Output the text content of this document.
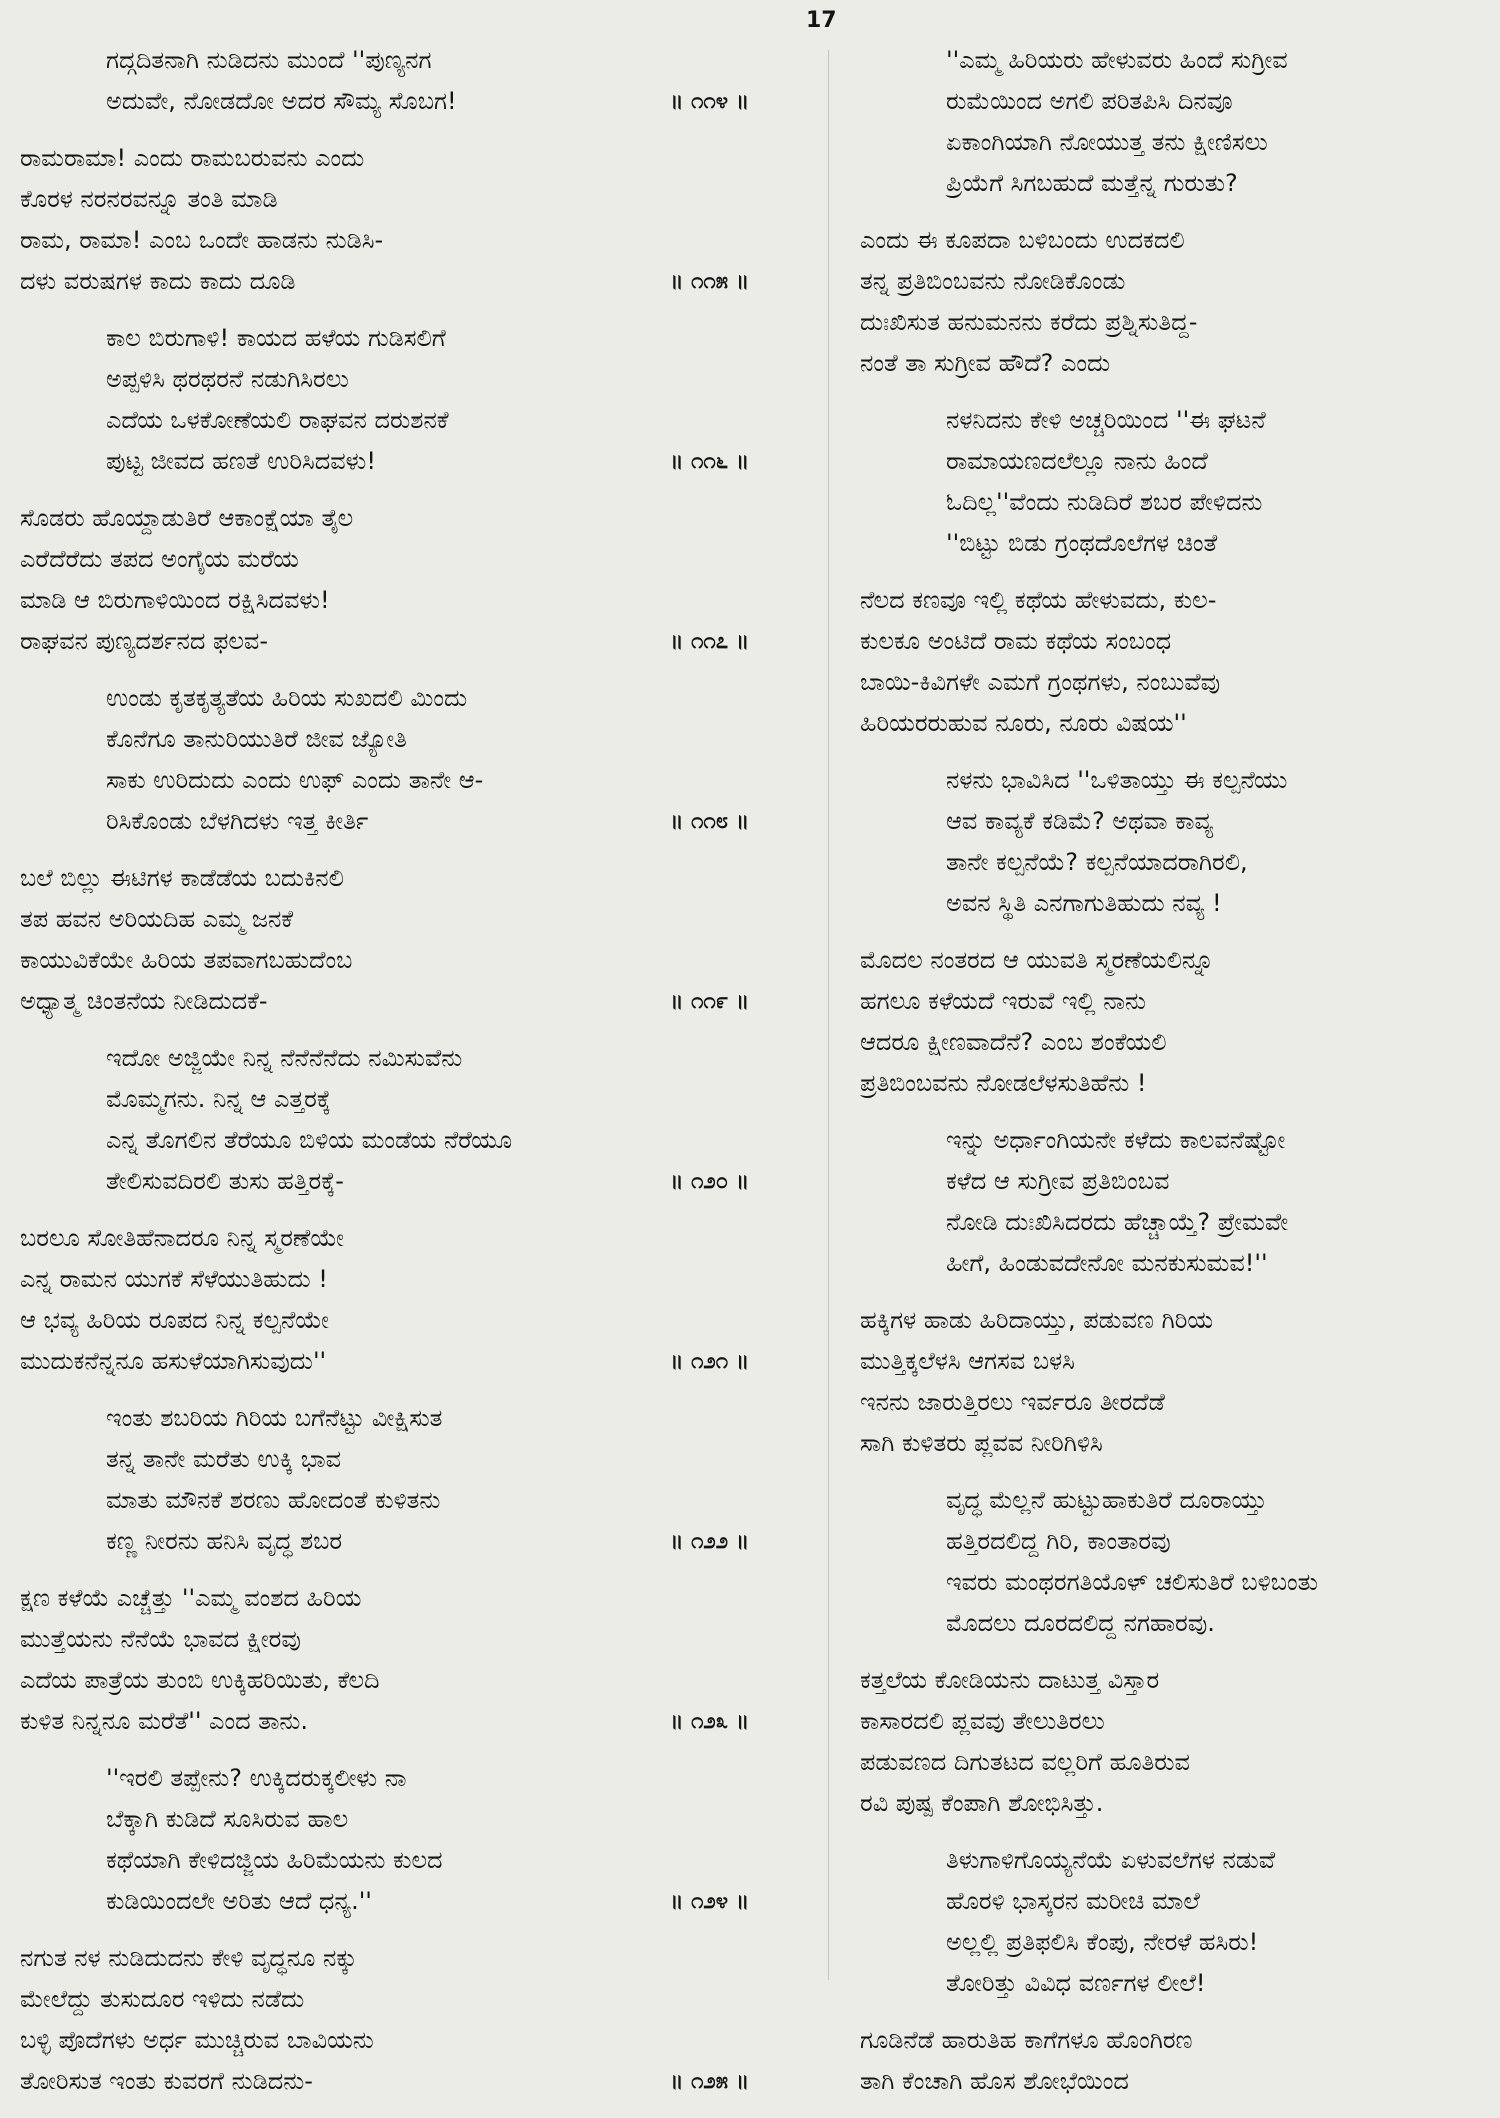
17
ಗದ್ಗದಿತನಾಗಿ ನುಡಿದನು ಮುಂದೆ ''ಪುಣ್ಯನಗ
ಅದುವೇ, ನೋಡದೋ ಅದರ ಸೌಮ್ಯ ಸೊಬಗ!	॥ ೧೧೪ ॥
ರಾಮರಾಮಾ! ಎಂದು ರಾಮಬರುವನು ಎಂದು
ಕೊರಳ ನರನರವನ್ನೂ ತಂತಿ ಮಾಡಿ
ರಾಮ, ರಾಮಾ! ಎಂಬ ಒಂದೇ ಹಾಡನು ನುಡಿಸಿ-
ದಳು ವರುಷಗಳ ಕಾದು ಕಾದು ದೂಡಿ	॥ ೧೧೫ ॥
ಕಾಲ ಬಿರುಗಾಳಿ! ಕಾಯದ ಹಳೆಯ ಗುಡಿಸಲಿಗೆ
ಅಪ್ಪಳಿಸಿ ಥರಥರನೆ ನಡುಗಿಸಿರಲು
ಎದೆಯ ಒಳಕೋಣೆಯಲಿ ರಾಘವನ ದರುಶನಕೆ
ಪುಟ್ಟ ಜೀವದ ಹಣತೆ ಉರಿಸಿದವಳು!	॥ ೧೧೬ ॥
ಸೊಡರು ಹೊಯ್ದಾಡುತಿರೆ ಆಕಾಂಕ್ಷೆಯಾ ತೈಲ
ಎರೆದೆರೆದು ತಪದ ಅಂಗೈಯ ಮರೆಯ
ಮಾಡಿ ಆ ಬಿರುಗಾಳಿಯಿಂದ ರಕ್ಷಿಸಿದವಳು!
ರಾಘವನ ಪುಣ್ಯದರ್ಶನದ ಫಲವ-	॥ ೧೧೭ ॥
ಉಂಡು ಕೃತಕೃತ್ಯತೆಯ ಹಿರಿಯ ಸುಖದಲಿ ಮಿಂದು
ಕೊನೆಗೂ ತಾನುರಿಯುತಿರೆ ಜೀವ ಜ್ಯೋತಿ
ಸಾಕು ಉರಿದುದು ಎಂದು ಉಫ್ ಎಂದು ತಾನೇ ಆ-
ರಿಸಿಕೊಂಡು ಬೆಳಗಿದಳು ಇತ್ತ ಕೀರ್ತಿ	॥ ೧೧೮ ॥
ಬಲೆ ಬಿಲ್ಲು ಈಟಿಗಳ ಕಾಡೆಡೆಯ ಬದುಕಿನಲಿ
ತಪ ಹವನ ಅರಿಯದಿಹ ಎಮ್ಮ ಜನಕೆ
ಕಾಯುವಿಕೆಯೇ ಹಿರಿಯ ತಪವಾಗಬಹುದೆಂಬ
ಅಧ್ಯಾತ್ಮ ಚಿಂತನೆಯ ನೀಡಿದುದಕೆ-	॥ ೧೧೯ ॥
ಇದೋ ಅಜ್ಜಿಯೇ ನಿನ್ನ ನೆನೆನೆನೆದು ನಮಿಸುವೆನು
ಮೊಮ್ಮಗನು. ನಿನ್ನ ಆ ಎತ್ತರಕ್ಕೆ
ಎನ್ನ ತೊಗಲಿನ ತೆರೆಯೂ ಬಿಳಿಯ ಮಂಡೆಯ ನೆರೆಯೂ
ತೇಲಿಸುವದಿರಲಿ ತುಸು ಹತ್ತಿರಕ್ಕೆ-	॥ ೧೨೦ ॥
ಬರಲೂ ಸೋತಿಹೆನಾದರೂ ನಿನ್ನ ಸ್ಮರಣೆಯೇ
ಎನ್ನ ರಾಮನ ಯುಗಕೆ ಸೆಳೆಯುತಿಹುದು !
ಆ ಭವ್ಯ ಹಿರಿಯ ರೂಪದ ನಿನ್ನ ಕಲ್ಪನೆಯೇ
ಮುದುಕನೆನ್ನನೂ ಹಸುಳೆಯಾಗಿಸುವುದು''	॥ ೧೨೧ ॥
ಇಂತು ಶಬರಿಯ ಗಿರಿಯ ಬಗೆನೆಟ್ಟು ವೀಕ್ಷಿಸುತ
ತನ್ನ ತಾನೇ ಮರೆತು ಉಕ್ಕಿ ಭಾವ
ಮಾತು ಮೌನಕೆ ಶರಣು ಹೋದಂತೆ ಕುಳಿತನು
ಕಣ್ಣ ನೀರನು ಹನಿಸಿ ವೃದ್ಧ ಶಬರ	॥ ೧೨೨ ॥
ಕ್ಷಣ ಕಳೆಯೆ ಎಚ್ಚೆತ್ತು ''ಎಮ್ಮ ವಂಶದ ಹಿರಿಯ
ಮುತ್ತೆಯನು ನೆನೆಯೆ ಭಾವದ ಕ್ಷೀರವು
ಎದೆಯ ಪಾತ್ರೆಯ ತುಂಬಿ ಉಕ್ಕಿಹರಿಯಿತು, ಕೆಲದಿ
ಕುಳಿತ ನಿನ್ನನೂ ಮರೆತೆ'' ಎಂದ ತಾನು.	॥ ೧೨೩ ॥
''ಇರಲಿ ತಪ್ಪೇನು? ಉಕ್ಕಿದರುಕ್ಕಲೀಳು ನಾ
ಬೆಕ್ಕಾಗಿ ಕುಡಿದೆ ಸೂಸಿರುವ ಹಾಲ
ಕಥೆಯಾಗಿ ಕೇಳಿದಜ್ಜಿಯ ಹಿರಿಮೆಯನು ಕುಲದ
ಕುಡಿಯಿಂದಲೇ ಅರಿತು ಆದೆ ಧನ್ಯ.''	॥ ೧೨೪ ॥
ನಗುತ ನಳ ನುಡಿದುದನು ಕೇಳಿ ವೃದ್ಧನೂ ನಕ್ಕು
ಮೇಲೆದ್ದು ತುಸುದೂರ ಇಳಿದು ನಡೆದು
ಬಳ್ಳಿ ಪೊದೆಗಳು ಅರ್ಧ ಮುಚ್ಚಿರುವ ಬಾವಿಯನು
ತೋರಿಸುತ ಇಂತು ಕುವರಗೆ ನುಡಿದನು-	॥ ೧೨೫ ॥
''ಎಮ್ಮ ಹಿರಿಯರು ಹೇಳುವರು ಹಿಂದೆ ಸುಗ್ರೀವ
ರುಮೆಯಿಂದ ಅಗಲಿ ಪರಿತಪಿಸಿ ದಿನವೂ
ಏಕಾಂಗಿಯಾಗಿ ನೋಯುತ್ತ ತನು ಕ್ಷೀಣಿಸಲು
ಪ್ರಿಯೆಗೆ ಸಿಗಬಹುದೆ ಮತ್ತೆನ್ನ ಗುರುತು?
ಎಂದು ಈ ಕೂಪದಾ ಬಳಿಬಂದು ಉದಕದಲಿ
ತನ್ನ ಪ್ರತಿಬಿಂಬವನು ನೋಡಿಕೊಂಡು
ದುಃಖಿಸುತ ಹನುಮನನು ಕರೆದು ಪ್ರಶ್ನಿಸುತಿದ್ದ-
ನಂತೆ ತಾ ಸುಗ್ರೀವ ಹೌದೆ? ಎಂದು
ನಳನಿದನು ಕೇಳಿ ಅಚ್ಚರಿಯಿಂದ ''ಈ ಘಟನೆ
ರಾಮಾಯಣದಲೆಲ್ಲೂ ನಾನು ಹಿಂದೆ
ಓದಿಲ್ಲ''ವೆಂದು ನುಡಿದಿರೆ ಶಬರ ಪೇಳಿದನು
''ಬಿಟ್ಟು ಬಿಡು ಗ್ರಂಥದೊಲೆಗಳ ಚಿಂತೆ
ನೆಲದ ಕಣವೂ ಇಲ್ಲಿ ಕಥೆಯ ಹೇಳುವದು, ಕುಲ-
ಕುಲಕೂ ಅಂಟಿದೆ ರಾಮ ಕಥೆಯ ಸಂಬಂಧ
ಬಾಯಿ-ಕಿವಿಗಳೇ ಎಮಗೆ ಗ್ರಂಥಗಳು, ನಂಬುವೆವು
ಹಿರಿಯರರುಹುವ ನೂರು, ನೂರು ವಿಷಯ''
ನಳನು ಭಾವಿಸಿದ ''ಒಳಿತಾಯ್ತು ಈ ಕಲ್ಪನೆಯು
ಆವ ಕಾವ್ಯಕೆ ಕಡಿಮೆ? ಅಥವಾ ಕಾವ್ಯ
ತಾನೇ ಕಲ್ಪನೆಯೆ? ಕಲ್ಪನೆಯಾದರಾಗಿರಲಿ,
ಅವನ ಸ್ಥಿತಿ ಎನಗಾಗುತಿಹುದು ನವ್ಯ !
ಮೊದಲ ನಂತರದ ಆ ಯುವತಿ ಸ್ಮರಣೆಯಲಿನ್ನೂ
ಹಗಲೂ ಕಳೆಯದೆ ಇರುವೆ ಇಲ್ಲಿ ನಾನು
ಆದರೂ ಕ್ಷೀಣವಾದೆನೆ? ಎಂಬ ಶಂಕೆಯಲಿ
ಪ್ರತಿಬಿಂಬವನು ನೋಡಲೆಳಸುತಿಹೆನು !
ಇನ್ನು ಅರ್ಧಾಂಗಿಯನೇ ಕಳೆದು ಕಾಲವನೆಷ್ಟೋ
ಕಳೆದ ಆ ಸುಗ್ರೀವ ಪ್ರತಿಬಿಂಬವ
ನೋಡಿ ದುಃಖಿಸಿದರದು ಹೆಚ್ಚಾಯ್ತೆ? ಪ್ರೇಮವೇ
ಹೀಗೆ, ಹಿಂಡುವದೇನೋ ಮನಕುಸುಮವ!''
ಹಕ್ಕಿಗಳ ಹಾಡು ಹಿರಿದಾಯ್ತು, ಪಡುವಣ ಗಿರಿಯ
ಮುತ್ತಿಕ್ಕಲೆಳಸಿ ಆಗಸವ ಬಳಸಿ
ಇನನು ಜಾರುತ್ತಿರಲು ಇರ್ವರೂ ತೀರದೆಡೆ
ಸಾಗಿ ಕುಳಿತರು ಪ್ಲವವ ನೀರಿಗಿಳಿಸಿ
ವೃದ್ಧ ಮೆಲ್ಲನೆ ಹುಟ್ಟುಹಾಕುತಿರೆ ದೂರಾಯ್ತು
ಹತ್ತಿರದಲಿದ್ದ ಗಿರಿ, ಕಾಂತಾರವು
ಇವರು ಮಂಥರಗತಿಯೊಳ್ ಚಲಿಸುತಿರೆ ಬಳಿಬಂತು
ಮೊದಲು ದೂರದಲಿದ್ದ ನಗಹಾರವು.
ಕತ್ತಲೆಯ ಕೋಡಿಯನು ದಾಟುತ್ತ ವಿಸ್ತಾರ
ಕಾಸಾರದಲಿ ಪ್ಲವವು ತೇಲುತಿರಲು
ಪಡುವಣದ ದಿಗುತಟದ ವಲ್ಲರಿಗೆ ಹೂತಿರುವ
ರವಿ ಪುಷ್ಪ ಕೆಂಪಾಗಿ ಶೋಭಿಸಿತ್ತು.
ತಿಳುಗಾಳಿಗೊಯ್ಯನೆಯೆ ಏಳುವಲೆಗಳ ನಡುವೆ
ಹೊರಳಿ ಭಾಸ್ಕರನ ಮರೀಚಿ ಮಾಲೆ
ಅಲ್ಲಲ್ಲಿ ಪ್ರತಿಫಲಿಸಿ ಕೆಂಪು, ನೇರಳೆ ಹಸಿರು!
ತೋರಿತ್ತು ವಿವಿಧ ವರ್ಣಗಳ ಲೀಲೆ!
ಗೂಡಿನೆಡೆ ಹಾರುತಿಹ ಕಾಗೆಗಳೂ ಹೊಂಗಿರಣ
ತಾಗಿ ಕೆಂಚಾಗಿ ಹೊಸ ಶೋಭೆಯಿಂದ
